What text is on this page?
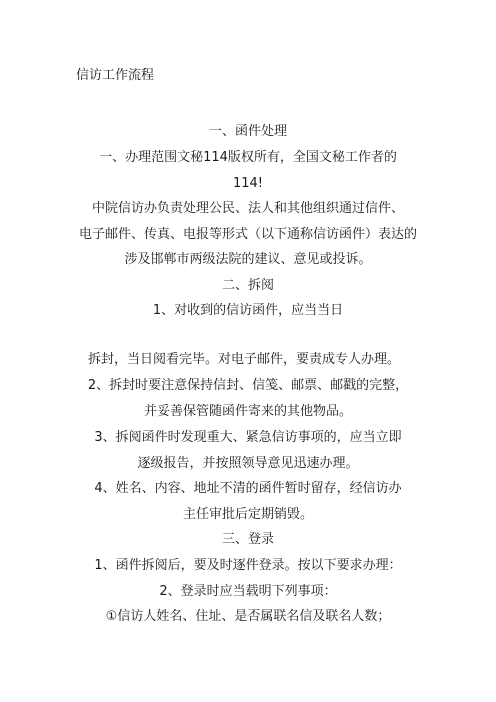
信访工作流程
一、函件处理
一、办理范围文秘114版权所有，全国文秘工作者的
114!
中院信访办负责处理公民、法人和其他组织通过信件、
电子邮件、传真、电报等形式（以下通称信访函件）表达的
涉及邯郸市两级法院的建议、意见或投诉。
二、拆阅
1、对收到的信访函件，应当当日
拆封，当日阅看完毕。对电子邮件，要责成专人办理。
2、拆封时要注意保持信封、信笺、邮票、邮戳的完整，
并妥善保管随函件寄来的其他物品。
3、拆阅函件时发现重大、紧急信访事项的，应当立即
逐级报告，并按照领导意见迅速办理。
4、姓名、内容、地址不清的函件暂时留存，经信访办
主任审批后定期销毁。
三、登录
1、函件拆阅后，要及时逐件登录。按以下要求办理：
2、登录时应当载明下列事项：
①信访人姓名、住址、是否属联名信及联名人数；
